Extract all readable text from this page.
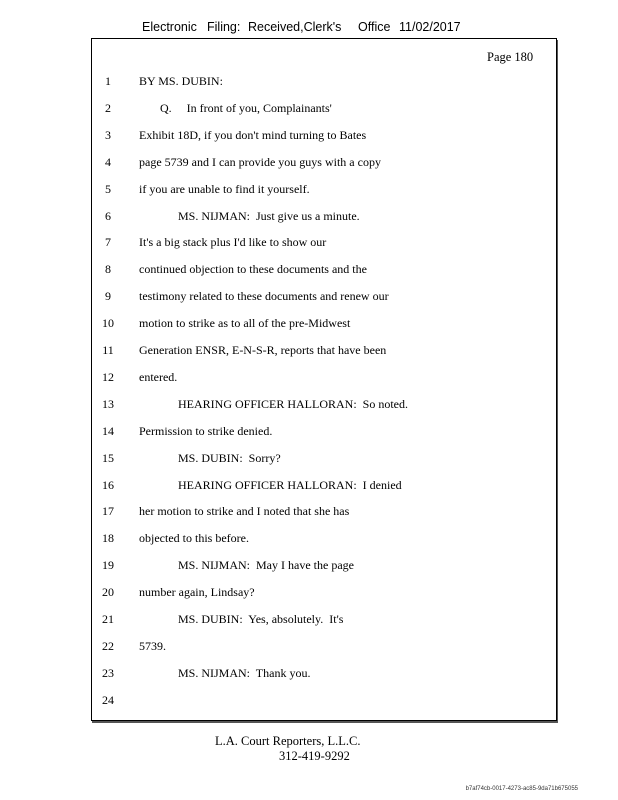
Electronic Filing: Received,Clerk's Office 11/02/2017
Page 180
1	BY MS. DUBIN:
2	Q.     In front of you, Complainants'
3	Exhibit 18D, if you don't mind turning to Bates
4	page 5739 and I can provide you guys with a copy
5	if you are unable to find it yourself.
6	MS. NIJMAN:  Just give us a minute.
7	It's a big stack plus I'd like to show our
8	continued objection to these documents and the
9	testimony related to these documents and renew our
10	motion to strike as to all of the pre-Midwest
11	Generation ENSR, E-N-S-R, reports that have been
12	entered.
13	HEARING OFFICER HALLORAN:  So noted.
14	Permission to strike denied.
15	MS. DUBIN:  Sorry?
16	HEARING OFFICER HALLORAN:  I denied
17	her motion to strike and I noted that she has
18	objected to this before.
19	MS. NIJMAN:  May I have the page
20	number again, Lindsay?
21	MS. DUBIN:  Yes, absolutely.  It's
22	5739.
23	MS. NIJMAN:  Thank you.
24
L.A. Court Reporters, L.L.C.
312-419-9292
b7af74cb-0017-4273-ac85-9da71b675055
